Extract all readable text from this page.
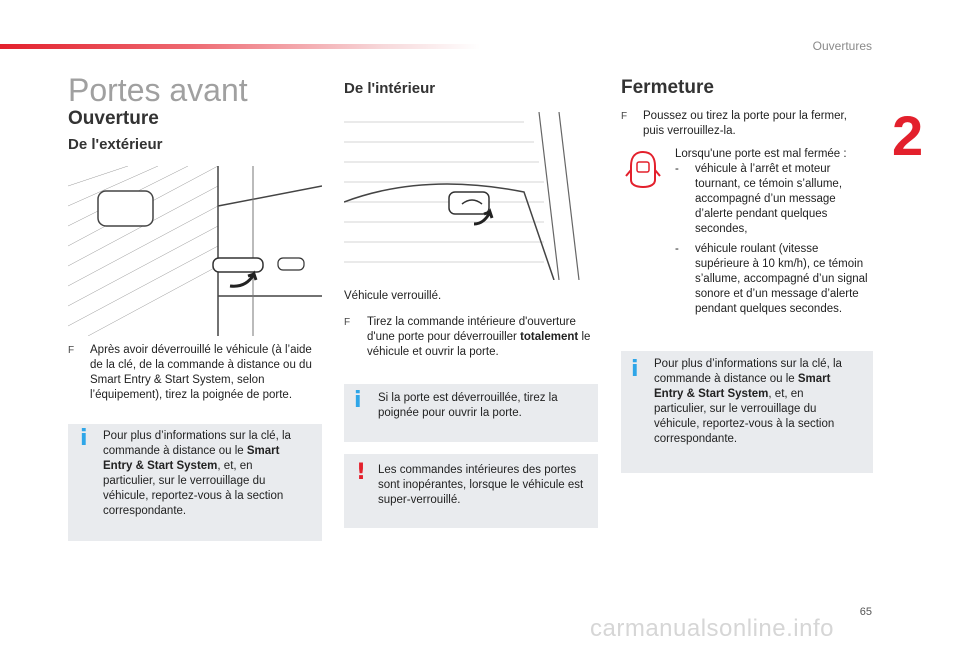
Ouvertures
2
Portes avant
Ouverture
De l'extérieur
F Après avoir déverrouillé le véhicule (à l’aide de la clé, de la commande à distance ou du Smart Entry & Start System, selon l’équipement), tirez la poignée de porte.
i Pour plus d’informations sur la clé, la commande à distance ou le Smart Entry & Start System, et, en particulier, sur le verrouillage du véhicule, reportez-vous à la section correspondante.
De l'intérieur
Véhicule verrouillé.
F Tirez la commande intérieure d'ouverture d'une porte pour déverrouiller totalement le véhicule et ouvrir la porte.
i Si la porte est déverrouillée, tirez la poignée pour ouvrir la porte.
! Les commandes intérieures des portes sont inopérantes, lorsque le véhicule est super-verrouillé.
Fermeture
F Poussez ou tirez la porte pour la fermer, puis verrouillez-la.
Lorsqu'une porte est mal fermée :
- véhicule à l’arrêt et moteur tournant, ce témoin s’allume, accompagné d’un message d’alerte pendant quelques secondes,
- véhicule roulant (vitesse supérieure à 10 km/h), ce témoin s’allume, accompagné d’un signal sonore et d’un message d’alerte pendant quelques secondes.
i Pour plus d’informations sur la clé, la commande à distance ou le Smart Entry & Start System, et, en particulier, sur le verrouillage du véhicule, reportez-vous à la section correspondante.
65
carmanualsonline.info
